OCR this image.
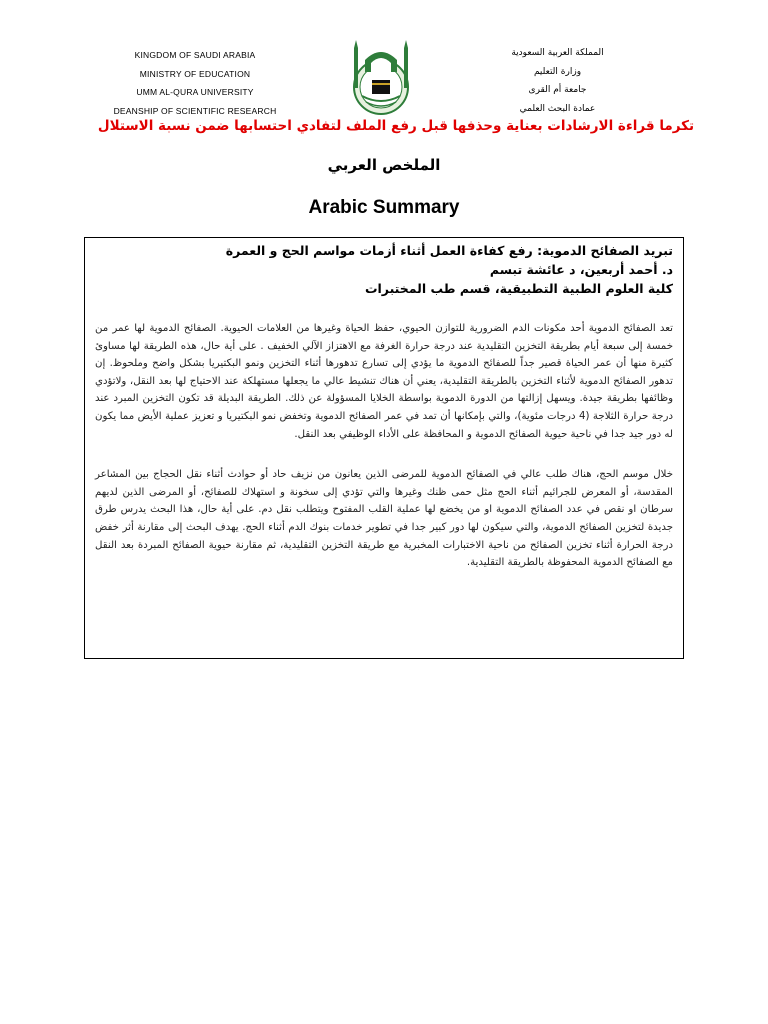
KINGDOM OF SAUDI ARABIA
MINISTRY OF EDUCATION
UMM AL-QURA UNIVERSITY
DEANSHIP OF SCIENTIFIC RESEARCH
المملكة العربية السعودية
وزارة التعليم
جامعة أم القرى
عمادة البحث العلمي
تكرما قراءة الارشادات بعناية وحذفها قبل رفع الملف لتفادي احتسابها ضمن نسبة الاستلال
الملخص العربي
Arabic Summary
تبريد الصفائح الدموية: رفع كفاءة العمل أثناء أزمات مواسم الحج و العمرة
د. أحمد أربعين، د عائشة تبسم
كلية العلوم الطبية التطبيقية، قسم طب المختبرات

تعد الصفائح الدموية أحد مكونات الدم الضرورية للتوازن الحيوي، حفظ الحياة وغيرها من العلامات الحيوية. الصفائح الدموية لها عمر من خمسة إلى سبعة أيام بطريقة التخزين التقليدية عند درجة حرارة الغرفة مع الاهتزاز الآلي الخفيف . على أية حال، هذه الطريقة لها مساوئ كثيرة منها أن عمر الحياة قصير جداً للصفائح الدموية ما يؤدي إلى تسارع تدهورها أثناء التخزين ونمو البكتيريا بشكل واضح وملحوظ. إن تدهور الصفائح الدموية لأثناء التخزين بالطريقة التقليدية، يعني أن هناك تنشيط عالي ما يجعلها مستهلكة عند الاحتياج لها بعد النقل، ولاتؤدي وظائفها بطريقة جيدة. ويسهل إزالتها من الدورة الدموية بواسطة الخلايا المسؤولة عن ذلك. الطريقة البديلة قد تكون التخزين المبرد عند درجة حرارة الثلاجة (4 درجات مئوية)، والتي بإمكانها أن تمد في عمر الصفائح الدموية وتخفض نمو البكتيريا و تعزيز عملية الأيض مما يكون له دور جيد جدا في ناحية حيوية الصفائح الدموية و المحافظة على الأداء الوظيفي بعد النقل.

خلال موسم الحج، هناك طلب عالي في الصفائح الدموية للمرضى الذين يعانون من نزيف حاد أو حوادث أثناء نقل الحجاج بين المشاعر المقدسة، أو المعرض للجرائيم أثناء الحج مثل حمى ظنك وغيرها والتي تؤدي إلى سخونة و استهلاك للصفائح، أو المرضى الذين لديهم سرطان او نقص في عدد الصفائح الدموية او من يخضع لها عملية القلب المفتوح ويتطلب نقل دم. على أية حال، هذا البحث يدرس طرق جديدة لتخزين الصفائح الدموية، والتي سيكون لها دور كبير جدا في تطوير خدمات بنوك الدم أثناء الحج. يهدف البحث إلى مقارنة أثر خفض درجة الحرارة أثناء تخزين الصفائح من ناحية الاختبارات المخبرية مع طريقة التخزين التقليدية، ثم مقارنة حيوية الصفائح المبردة بعد النقل مع الصفائح الدموية المحفوظة بالطريقة التقليدية.
